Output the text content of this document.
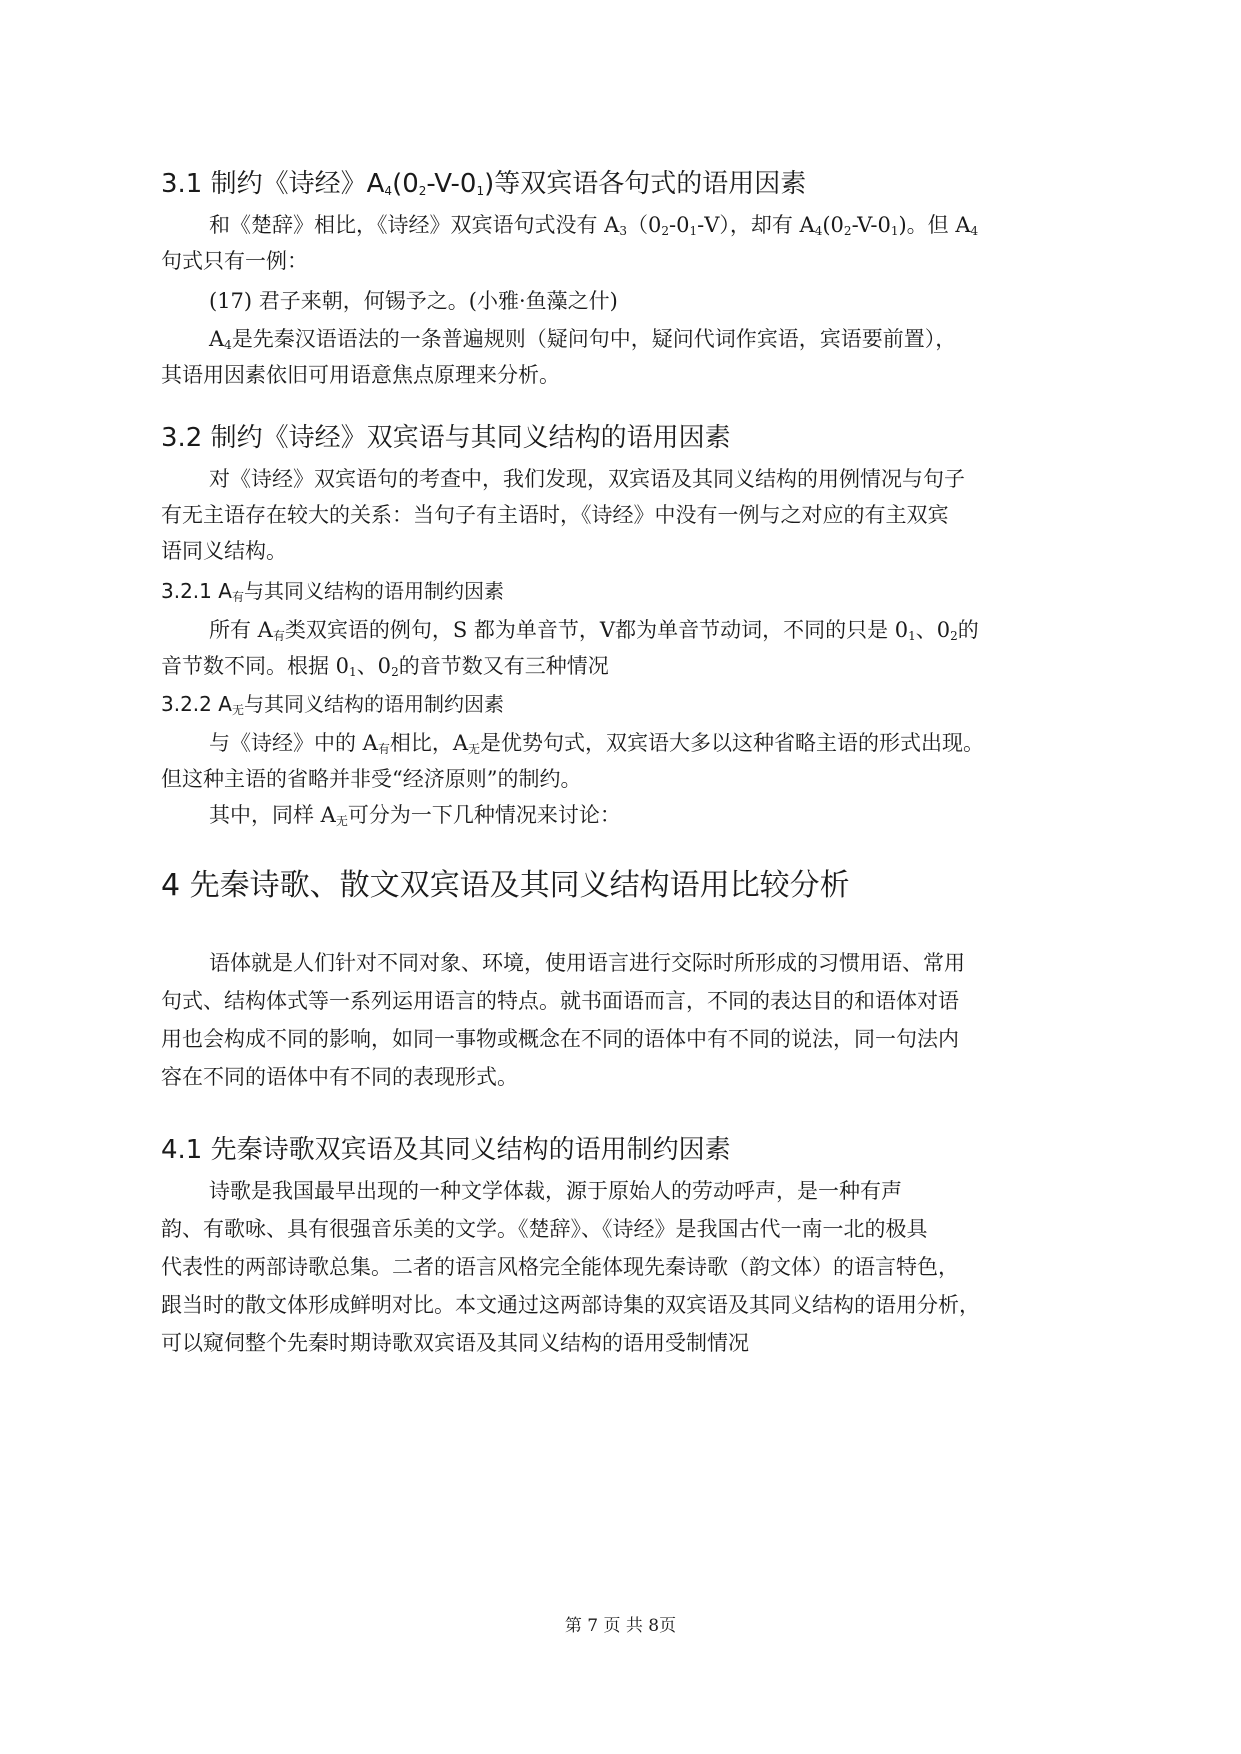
3.1 制约《诗经》$A_4(0_2-V-0_1)$等双宾语各句式的语用因素
和《楚辞》相比，《诗经》双宾语句式没有 $A_3(0_2-0_1-V)$，却有 $A_4(0_2-V-0_1)$。但 $A_4$
句式只有一例：
(17) 君子来朝，何锡予之。(小雅·鱼藻之什)
$A_4$是先秦汉语语法的一条普遍规则（疑问句中，疑问代词作宾语，宾语要前置），
其语用因素依旧可用语意焦点原理来分析。
3.2 制约《诗经》双宾语与其同义结构的语用因素
对《诗经》双宾语句的考查中，我们发现，双宾语及其同义结构的用例情况与句子
有无主语存在较大的关系：当句子有主语时，《诗经》中没有一例与之对应的有主双宾
语同义结构。
3.2.1 $A_有$与其同义结构的语用制约因素
所有 $A_有$类双宾语的例句，S 都为单音节，V都为单音节动词，不同的只是 $0_1$、$0_2$的
音节数不同。根据 $0_1$、$0_2$的音节数又有三种情况
3.2.2 $A_无$与其同义结构的语用制约因素
与《诗经》中的 $A_有$相比，$A_无$是优势句式，双宾语大多以这种省略主语的形式出现。
但这种主语的省略并非受“经济原则”的制约。
其中，同样 $A_无$可分为一下几种情况来讨论：
4 先秦诗歌、散文双宾语及其同义结构语用比较分析
语体就是人们针对不同对象、环境，使用语言进行交际时所形成的习惯用语、常用
句式、结构体式等一系列运用语言的特点。就书面语而言，不同的表达目的和语体对语
用也会构成不同的影响，如同一事物或概念在不同的语体中有不同的说法，同一句法内
容在不同的语体中有不同的表现形式。
4.1 先秦诗歌双宾语及其同义结构的语用制约因素
诗歌是我国最早出现的一种文学体裁，源于原始人的劳动呼声，是一种有声
韵、有歌咏、具有很强音乐美的文学。《楚辞》、《诗经》是我国古代一南一北的极具
代表性的两部诗歌总集。二者的语言风格完全能体现先秦诗歌（韵文体）的语言特色，
跟当时的散文体形成鲜明对比。本文通过这两部诗集的双宾语及其同义结构的语用分析，
可以窥伺整个先秦时期诗歌双宾语及其同义结构的语用受制情况
第 7 页 共 8页
